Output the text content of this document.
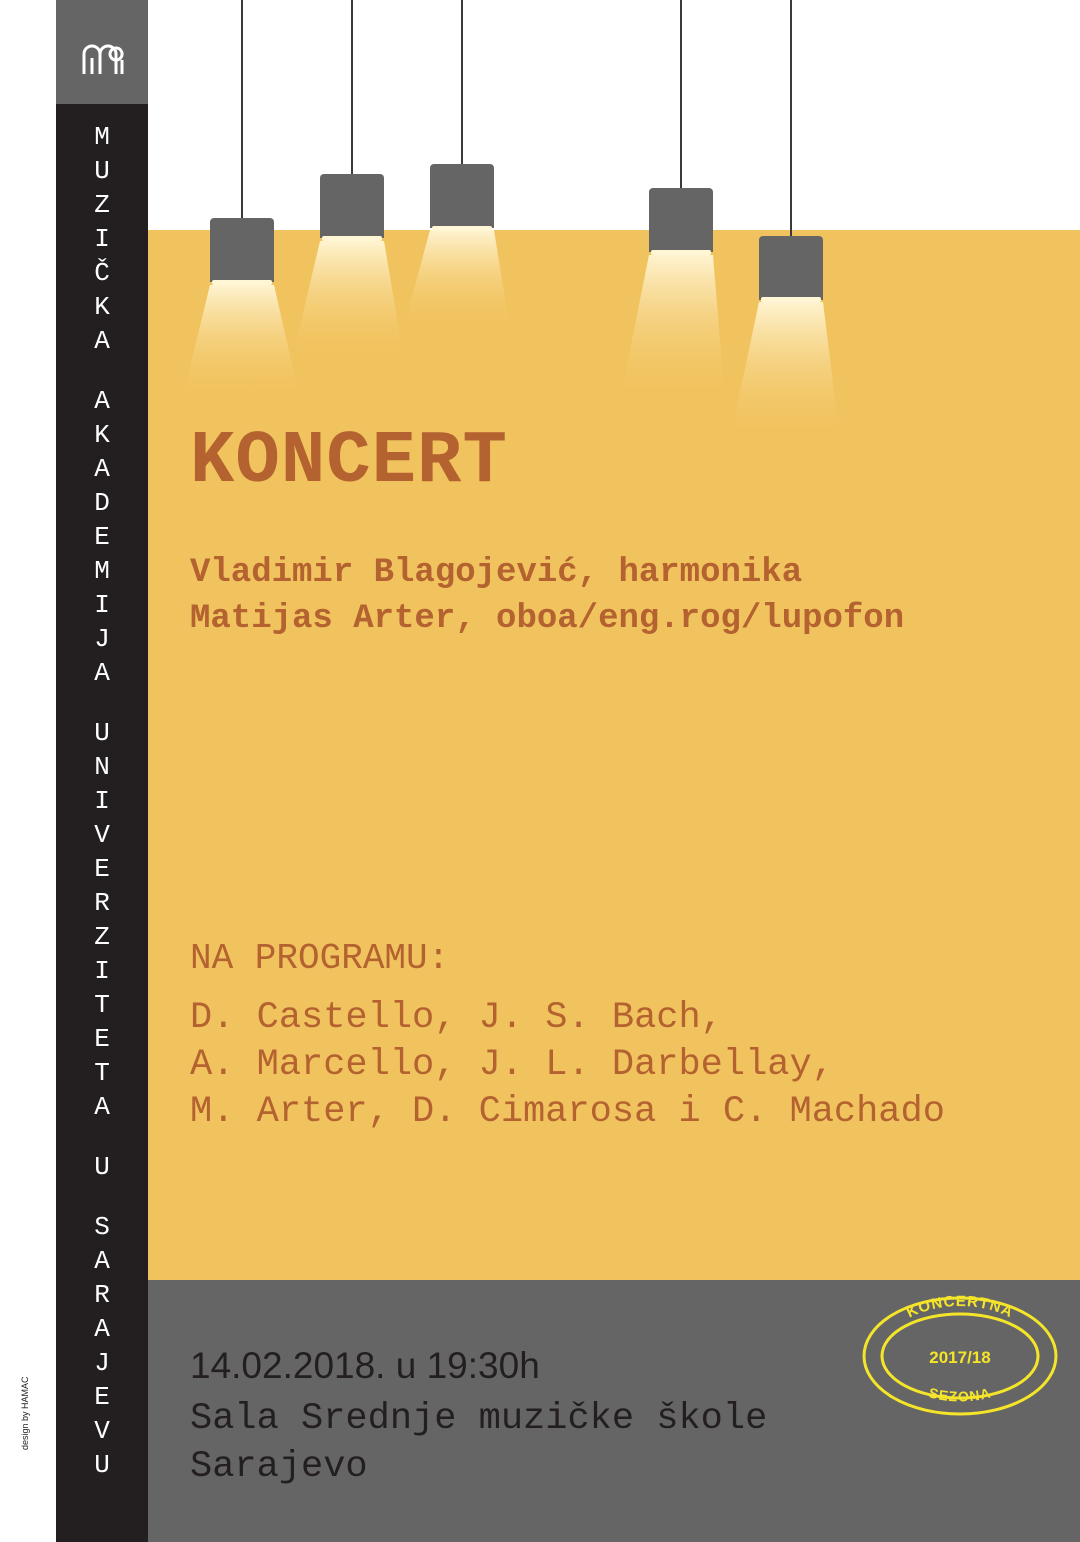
M
U
Z
I
Č
K
A
A
K
A
D
E
M
I
J
A
U
N
I
V
E
R
Z
I
T
E
T
A
U
S
A
R
A
J
E
V
U
design by HAMAC
KONCERT
Vladimir Blagojević, harmonika
Matijas Arter, oboa/eng.rog/lupofon
NA PROGRAMU:
D. Castello, J. S. Bach,
A. Marcello, J. L. Darbellay,
M. Arter, D. Cimarosa i C. Machado
14.02.2018. u 19:30h
Sala Srednje muzičke škole
Sarajevo
KONCERTNA
2017/18
SEZONA
